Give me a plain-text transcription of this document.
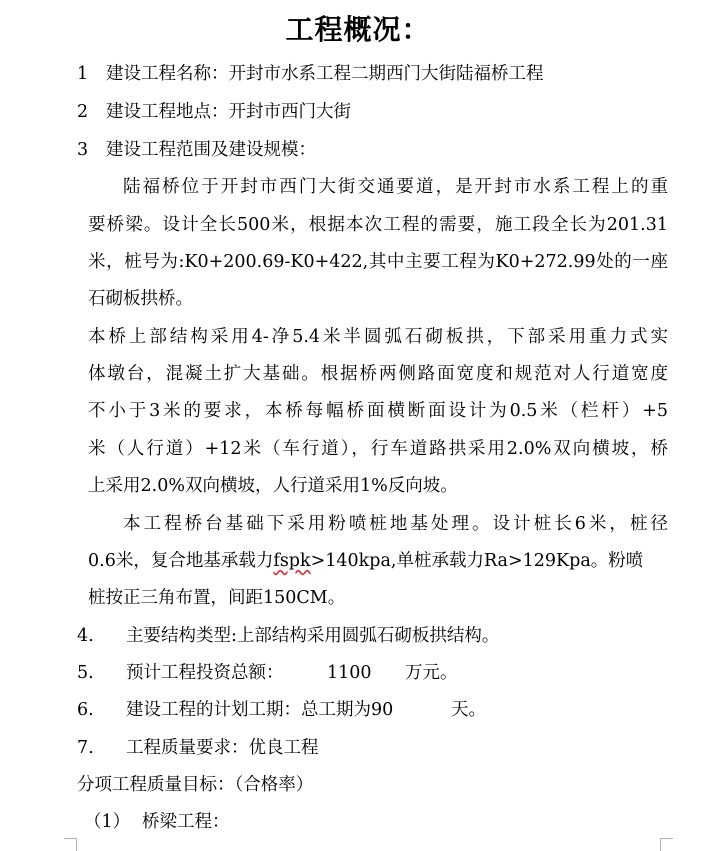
工程概况：
1 建设工程名称：开封市水系工程二期西门大街陆福桥工程
2 建设工程地点：开封市西门大街
3 建设工程范围及建设规模：
陆福桥位于开封市西门大街交通要道，是开封市水系工程上的重
要桥梁。设计全长500米，根据本次工程的需要，施工段全长为201.31
米，桩号为:K0+200.69-K0+422,其中主要工程为K0+272.99处的一座
石砌板拱桥。
本桥上部结构采用4-净5.4米半圆弧石砌板拱，下部采用重力式实
体墩台，混凝土扩大基础。根据桥两侧路面宽度和规范对人行道宽度
不小于3米的要求，本桥每幅桥面横断面设计为0.5米（栏杆）+5
米（人行道）+12米（车行道），行车道路拱采用2.0%双向横坡，桥
上采用2.0%双向横坡，人行道采用1%反向坡。
本工程桥台基础下采用粉喷桩地基处理。设计桩长6米，桩径
0.6米，复合地基承载力fspk>140kpa,单桩承载力Ra>129Kpa。粉喷
桩按正三角布置，间距150CM。
4. 主要结构类型:上部结构采用圆弧石砌板拱结构。
5. 预计工程投资总额： 1100 万元。
6. 建设工程的计划工期：总工期为90	天。
7. 工程质量要求：优良工程
分项工程质量目标：（合格率）
（1） 桥梁工程：
